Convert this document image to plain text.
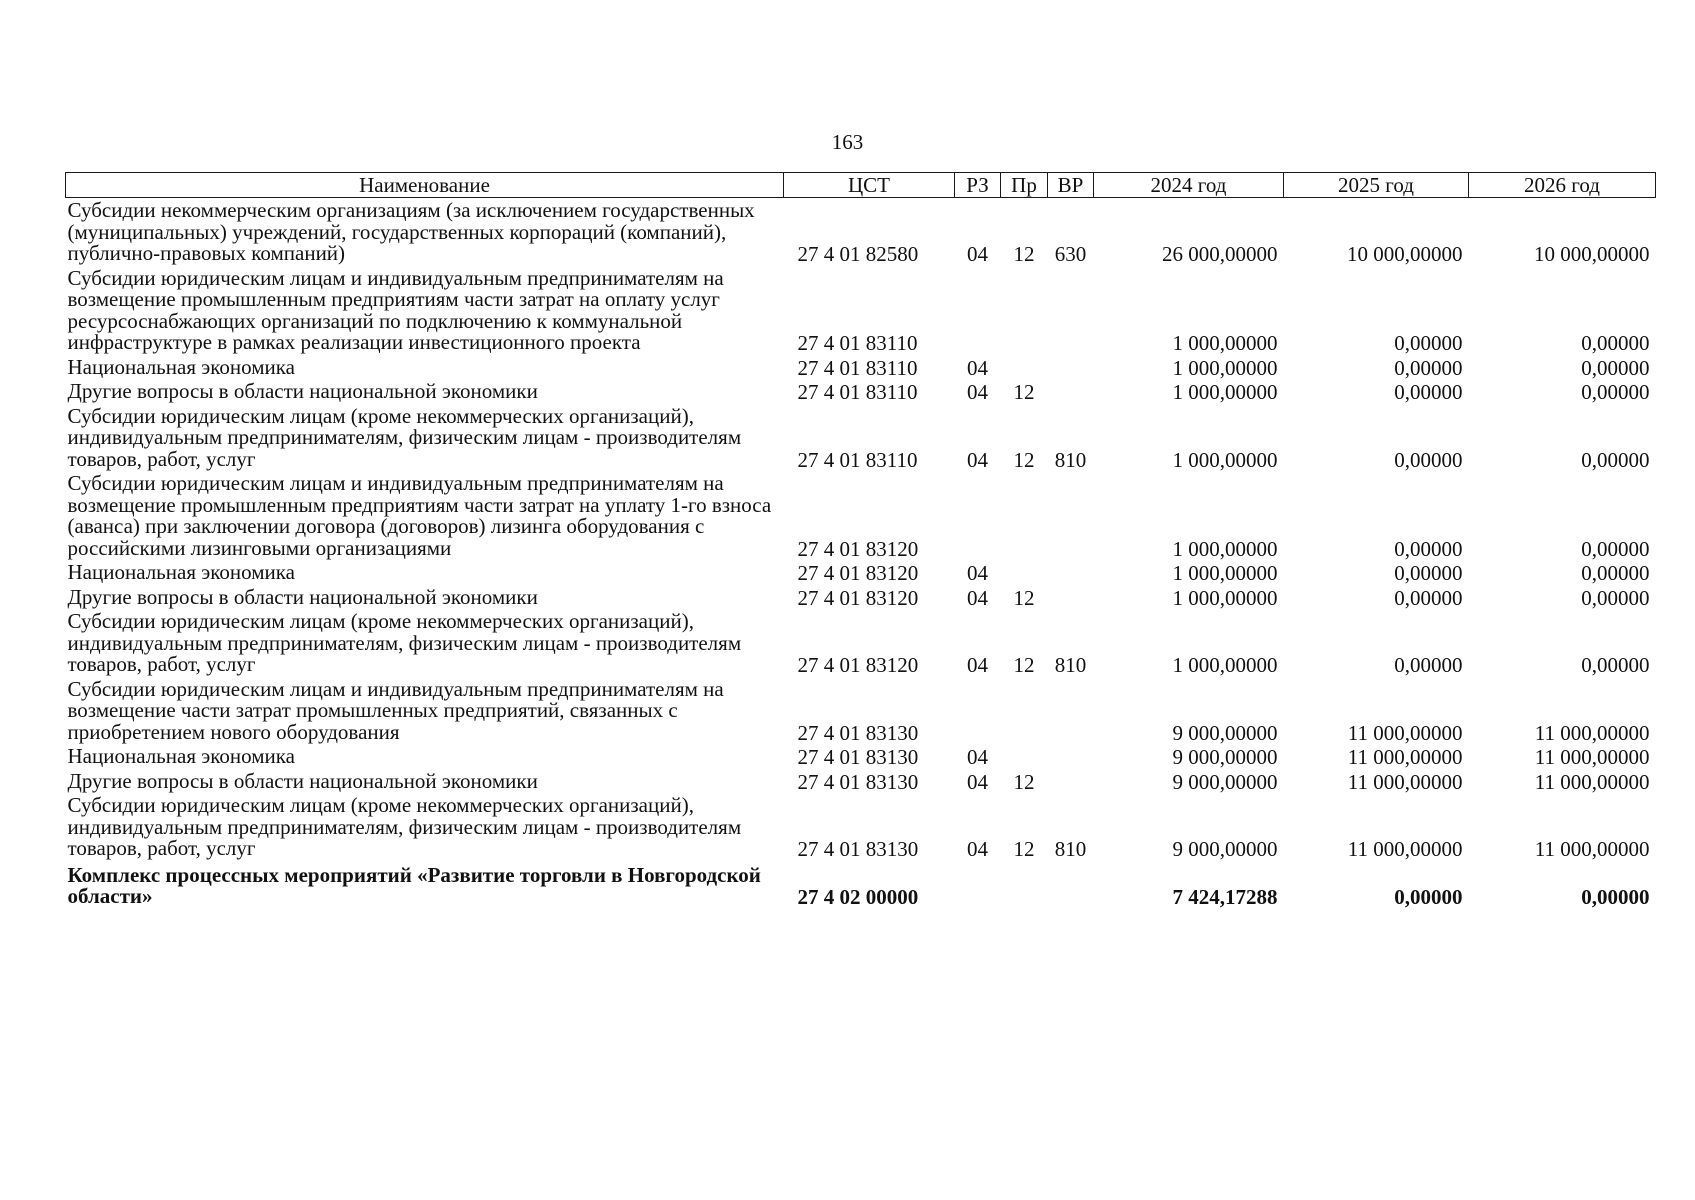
163
Наименование	ЦСТ	РЗ	Пр	ВР	2024 год	2025 год	2026 год
Субсидии некоммерческим организациям (за исключением государственных (муниципальных) учреждений, государственных корпораций (компаний), публично-правовых компаний)	27 4 01 82580	04	12	630	26 000,00000	10 000,00000	10 000,00000
Субсидии юридическим лицам и индивидуальным предпринимателям на возмещение промышленным предприятиям части затрат на оплату услуг ресурсоснабжающих организаций по подключению к коммунальной инфраструктуре в рамках реализации инвестиционного проекта	27 4 01 83110				1 000,00000	0,00000	0,00000
Национальная экономика	27 4 01 83110	04			1 000,00000	0,00000	0,00000
Другие вопросы в области национальной экономики	27 4 01 83110	04	12		1 000,00000	0,00000	0,00000
Субсидии юридическим лицам (кроме некоммерческих организаций), индивидуальным предпринимателям, физическим лицам - производителям товаров, работ, услуг	27 4 01 83110	04	12	810	1 000,00000	0,00000	0,00000
Субсидии юридическим лицам и индивидуальным предпринимателям на возмещение промышленным предприятиям части затрат на уплату 1-го взноса (аванса) при заключении договора (договоров) лизинга оборудования с российскими лизинговыми организациями	27 4 01 83120				1 000,00000	0,00000	0,00000
Национальная экономика	27 4 01 83120	04			1 000,00000	0,00000	0,00000
Другие вопросы в области национальной экономики	27 4 01 83120	04	12		1 000,00000	0,00000	0,00000
Субсидии юридическим лицам (кроме некоммерческих организаций), индивидуальным предпринимателям, физическим лицам - производителям товаров, работ, услуг	27 4 01 83120	04	12	810	1 000,00000	0,00000	0,00000
Субсидии юридическим лицам и индивидуальным предпринимателям на возмещение части затрат промышленных предприятий, связанных с приобретением нового оборудования	27 4 01 83130				9 000,00000	11 000,00000	11 000,00000
Национальная экономика	27 4 01 83130	04			9 000,00000	11 000,00000	11 000,00000
Другие вопросы в области национальной экономики	27 4 01 83130	04	12		9 000,00000	11 000,00000	11 000,00000
Субсидии юридическим лицам (кроме некоммерческих организаций), индивидуальным предпринимателям, физическим лицам - производителям товаров, работ, услуг	27 4 01 83130	04	12	810	9 000,00000	11 000,00000	11 000,00000
Комплекс процессных мероприятий «Развитие торговли в Новгородской области»	27 4 02 00000				7 424,17288	0,00000	0,00000
